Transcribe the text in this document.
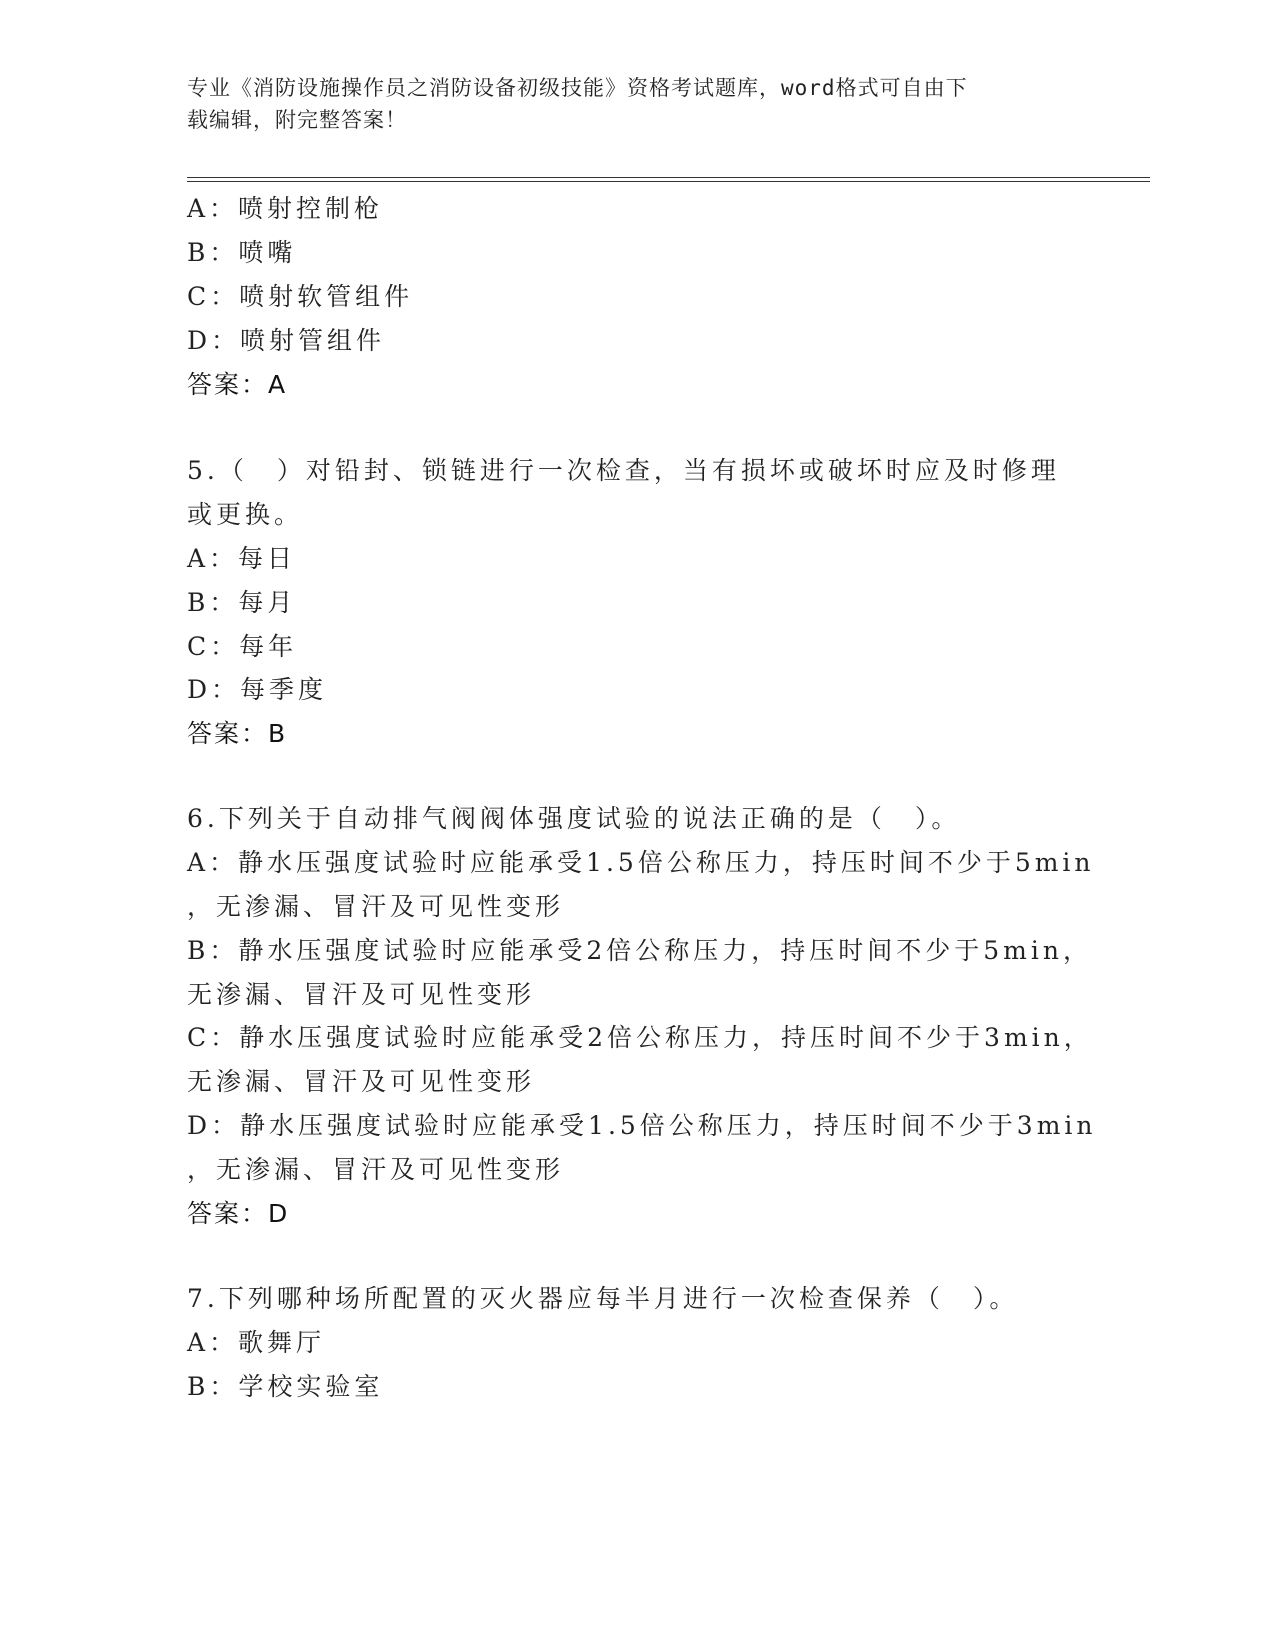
专业《消防设施操作员之消防设备初级技能》资格考试题库，word格式可自由下
载编辑，附完整答案！
A：喷射控制枪
B：喷嘴
C：喷射软管组件
D：喷射管组件
答案：A
5.（　）对铅封、锁链进行一次检查，当有损坏或破坏时应及时修理
或更换。
A：每日
B：每月
C：每年
D：每季度
答案：B
6.下列关于自动排气阀阀体强度试验的说法正确的是（　）。
A：静水压强度试验时应能承受1.5倍公称压力，持压时间不少于5min
，无渗漏、冒汗及可见性变形
B：静水压强度试验时应能承受2倍公称压力，持压时间不少于5min，
无渗漏、冒汗及可见性变形
C：静水压强度试验时应能承受2倍公称压力，持压时间不少于3min，
无渗漏、冒汗及可见性变形
D：静水压强度试验时应能承受1.5倍公称压力，持压时间不少于3min
，无渗漏、冒汗及可见性变形
答案：D
7.下列哪种场所配置的灭火器应每半月进行一次检查保养（　）。
A：歌舞厅
B：学校实验室
